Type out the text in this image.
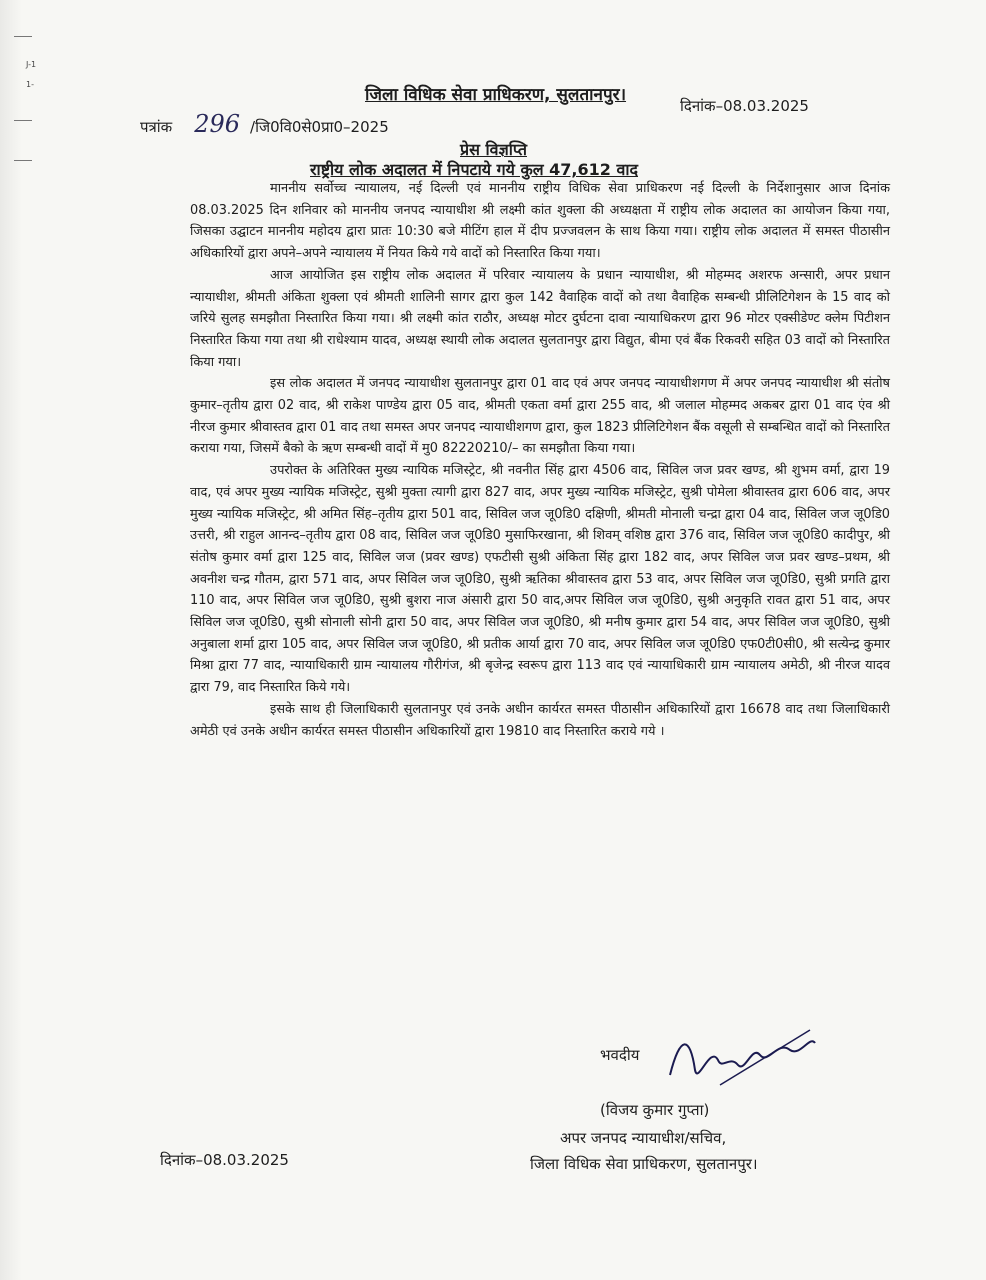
J-1
1-
जिला विधिक सेवा प्राधिकरण, सुलतानपुर।
पत्रांक 296 /जि0वि0से0प्रा0–2025
दिनांक–08.03.2025
प्रेस विज्ञप्ति
राष्ट्रीय लोक अदालत में निपटाये गये कुल 47,612 वाद

माननीय सर्वोच्च न्यायालय, नई दिल्ली एवं माननीय राष्ट्रीय विधिक सेवा प्राधिकरण नई दिल्ली के निर्देशानुसार आज दिनांक 08.03.2025 दिन शनिवार को माननीय जनपद न्यायाधीश श्री लक्ष्मी कांत शुक्ला की अध्यक्षता में राष्ट्रीय लोक अदालत का आयोजन किया गया, जिसका उद्घाटन माननीय महोदय द्वारा प्रातः 10:30 बजे मीटिंग हाल में दीप प्रज्जवलन के साथ किया गया। राष्ट्रीय लोक अदालत में समस्त पीठासीन अधिकारियों द्वारा अपने–अपने न्यायालय में नियत किये गये वादों को निस्तारित किया गया।

आज आयोजित इस राष्ट्रीय लोक अदालत में परिवार न्यायालय के प्रधान न्यायाधीश, श्री मोहम्मद अशरफ अन्सारी, अपर प्रधान न्यायाधीश, श्रीमती अंकिता शुक्ला एवं श्रीमती शालिनी सागर द्वारा कुल 142 वैवाहिक वादों को तथा वैवाहिक सम्बन्धी प्रीलिटिगेशन के 15 वाद को जरिये सुलह समझौता निस्तारित किया गया। श्री लक्ष्मी कांत राठौर, अध्यक्ष मोटर दुर्घटना दावा न्यायाधिकरण द्वारा 96 मोटर एक्सीडेण्ट क्लेम पिटीशन निस्तारित किया गया तथा श्री राधेश्याम यादव, अध्यक्ष स्थायी लोक अदालत सुलतानपुर द्वारा विद्युत, बीमा एवं बैंक रिकवरी सहित 03 वादों को निस्तारित किया गया।

इस लोक अदालत में जनपद न्यायाधीश सुलतानपुर द्वारा 01 वाद एवं अपर जनपद न्यायाधीशगण में अपर जनपद न्यायाधीश श्री संतोष कुमार–तृतीय द्वारा 02 वाद, श्री राकेश पाण्डेय द्वारा 05 वाद, श्रीमती एकता वर्मा द्वारा 255 वाद, श्री जलाल मोहम्मद अकबर द्वारा 01 वाद एंव श्री नीरज कुमार श्रीवास्तव द्वारा 01 वाद तथा समस्त अपर जनपद न्यायाधीशगण द्वारा, कुल 1823 प्रीलिटिगेशन बैंक वसूली से सम्बन्धित वादों को निस्तारित कराया गया, जिसमें बैको के ऋण सम्बन्धी वादों में मु0 82220210/– का समझौता किया गया।

उपरोक्त के अतिरिक्त मुख्य न्यायिक मजिस्ट्रेट, श्री नवनीत सिंह द्वारा 4506 वाद, सिविल जज प्रवर खण्ड, श्री शुभम वर्मा, द्वारा 19 वाद, एवं अपर मुख्य न्यायिक मजिस्ट्रेट, सुश्री मुक्ता त्यागी द्वारा 827 वाद, अपर मुख्य न्यायिक मजिस्ट्रेट, सुश्री पोमेला श्रीवास्तव द्वारा 606 वाद, अपर मुख्य न्यायिक मजिस्ट्रेट, श्री अमित सिंह–तृतीय द्वारा 501 वाद, सिविल जज जू0डि0 दक्षिणी, श्रीमती मोनाली चन्द्रा द्वारा 04 वाद, सिविल जज जू0डि0 उत्तरी, श्री राहुल आनन्द–तृतीय द्वारा 08 वाद, सिविल जज जू0डि0 मुसाफिरखाना, श्री शिवम् वशिष्ठ द्वारा 376 वाद, सिविल जज जू0डि0 कादीपुर, श्री संतोष कुमार वर्मा द्वारा 125 वाद, सिविल जज (प्रवर खण्ड) एफटीसी सुश्री अंकिता सिंह द्वारा 182 वाद, अपर सिविल जज प्रवर खण्ड–प्रथम, श्री अवनीश चन्द्र गौतम, द्वारा 571 वाद, अपर सिविल जज जू0डि0, सुश्री ऋतिका श्रीवास्तव द्वारा 53 वाद, अपर सिविल जज जू0डि0, सुश्री प्रगति द्वारा 110 वाद, अपर सिविल जज जू0डि0, सुश्री बुशरा नाज अंसारी द्वारा 50 वाद,अपर सिविल जज जू0डि0, सुश्री अनुकृति रावत द्वारा 51 वाद, अपर सिविल जज जू0डि0, सुश्री सोनाली सोनी द्वारा 50 वाद, अपर सिविल जज जू0डि0, श्री मनीष कुमार द्वारा 54 वाद, अपर सिविल जज जू0डि0, सुश्री अनुबाला शर्मा द्वारा 105 वाद, अपर सिविल जज जू0डि0, श्री प्रतीक आर्या द्वारा 70 वाद, अपर सिविल जज जू0डि0 एफ0टी0सी0, श्री सत्येन्द्र कुमार मिश्रा द्वारा 77 वाद, न्यायाधिकारी ग्राम न्यायालय गौरीगंज, श्री बृजेन्द्र स्वरूप द्वारा 113 वाद एवं न्यायाधिकारी ग्राम न्यायालय अमेठी, श्री नीरज यादव द्वारा 79, वाद निस्तारित किये गये।

इसके साथ ही जिलाधिकारी सुलतानपुर एवं उनके अधीन कार्यरत समस्त पीठासीन अधिकारियों द्वारा 16678 वाद तथा जिलाधिकारी अमेठी एवं उनके अधीन कार्यरत समस्त पीठासीन अधिकारियों द्वारा 19810 वाद निस्तारित कराये गये ।

भवदीय
(विजय कुमार गुप्ता)
अपर जनपद न्यायाधीश/सचिव,
जिला विधिक सेवा प्राधिकरण, सुलतानपुर।
दिनांक–08.03.2025
